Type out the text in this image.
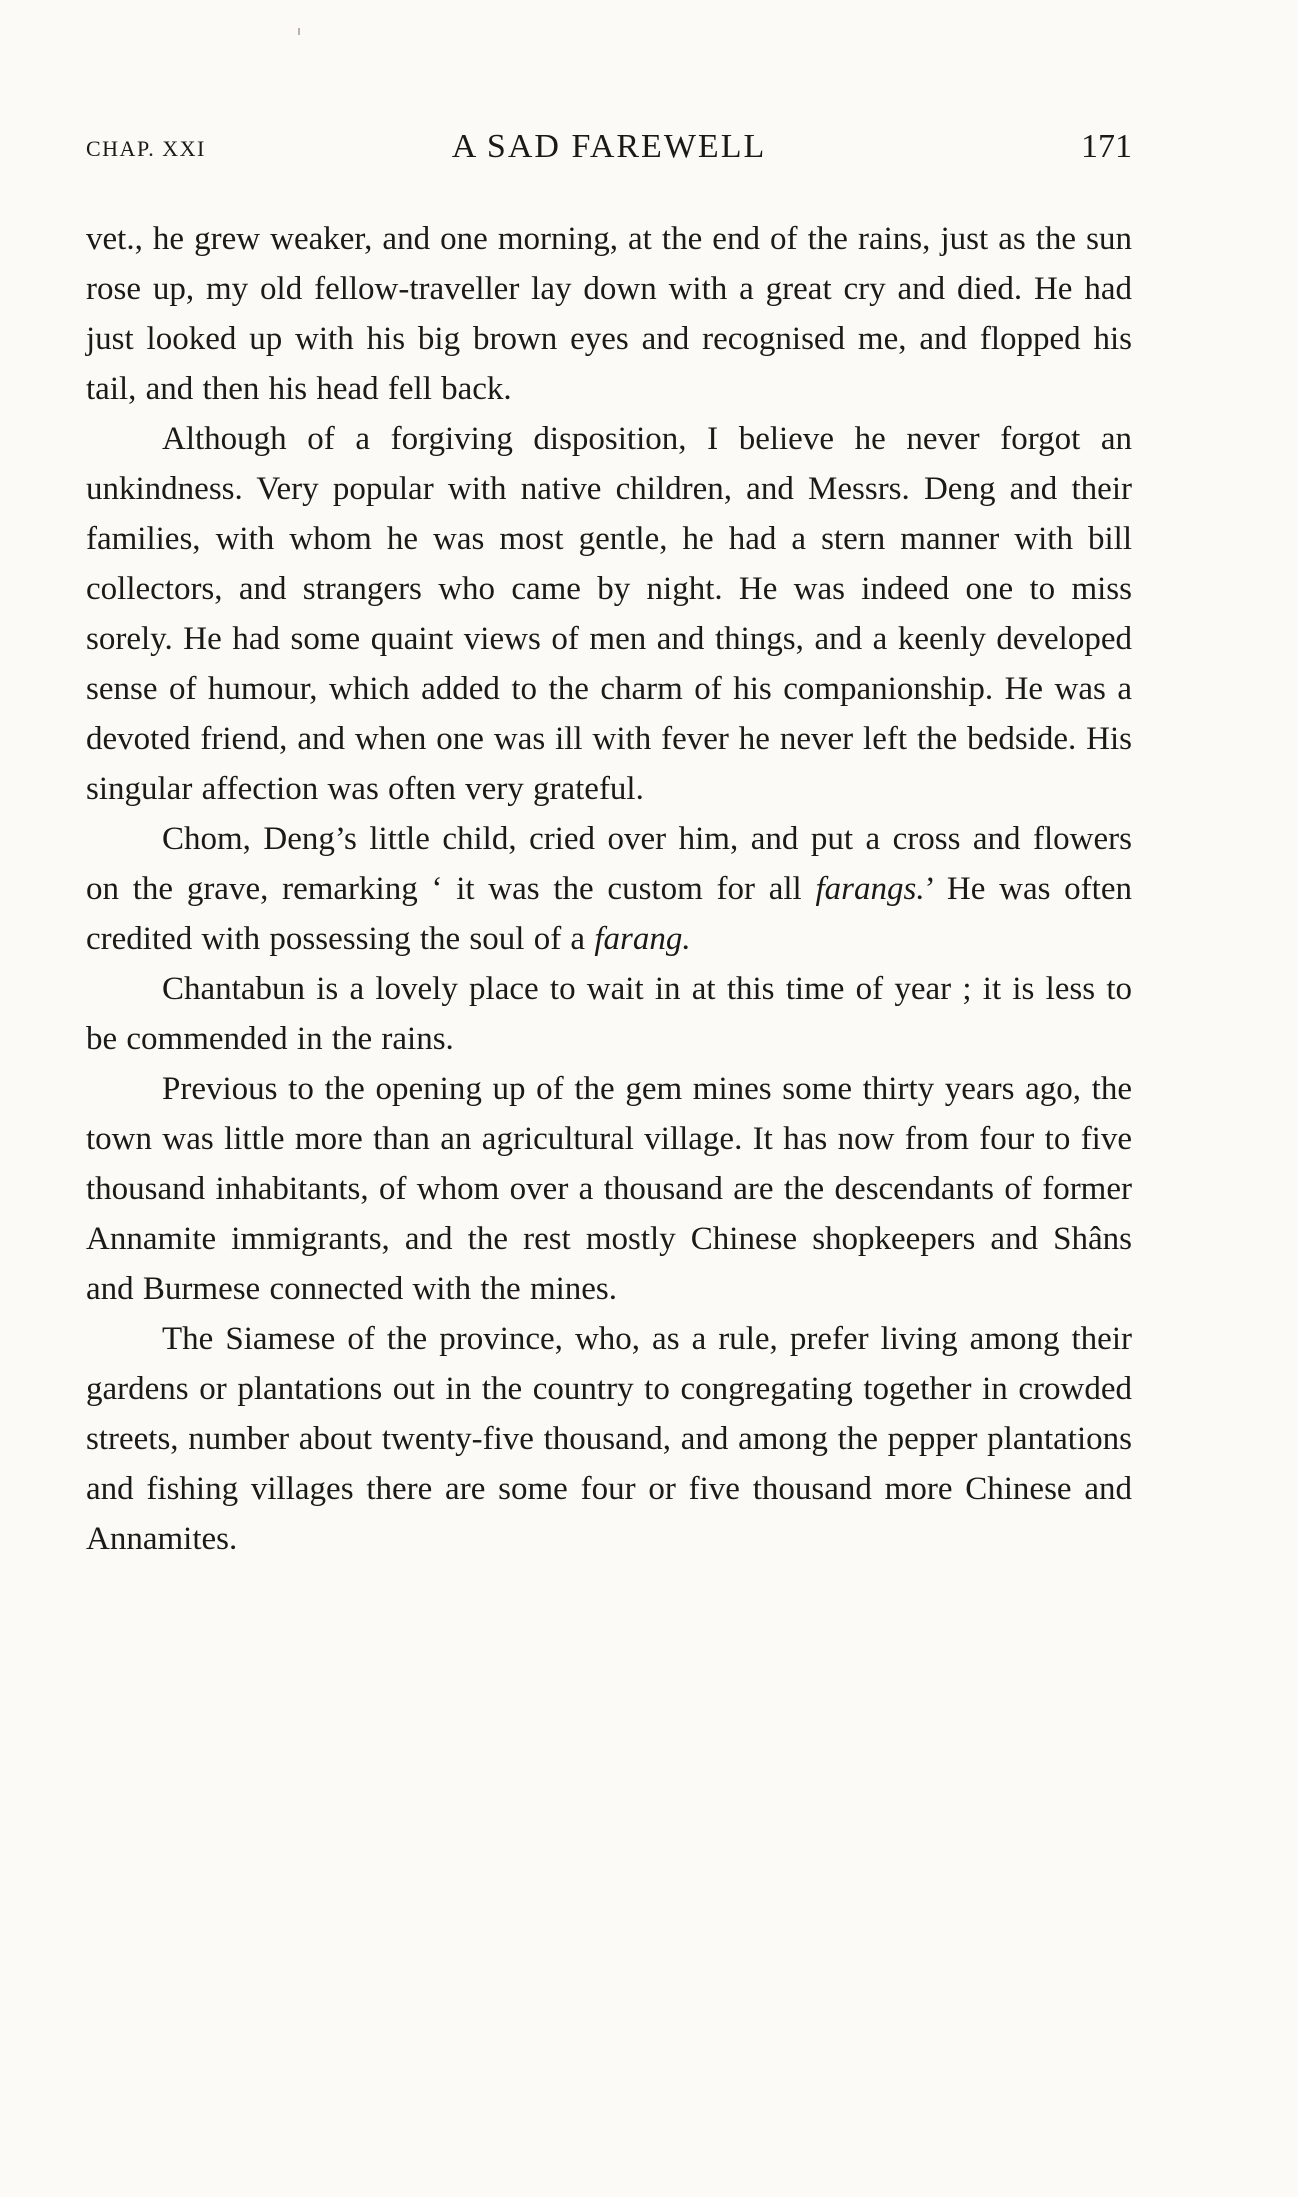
CHAP. XXI	A SAD FAREWELL	171

vet., he grew weaker, and one morning, at the end of the rains, just as the sun rose up, my old fellow-traveller lay down with a great cry and died. He had just looked up with his big brown eyes and recognised me, and flopped his tail, and then his head fell back.

Although of a forgiving disposition, I believe he never forgot an unkindness. Very popular with native children, and Messrs. Deng and their families, with whom he was most gentle, he had a stern manner with bill collectors, and strangers who came by night. He was indeed one to miss sorely. He had some quaint views of men and things, and a keenly developed sense of humour, which added to the charm of his companionship. He was a devoted friend, and when one was ill with fever he never left the bedside. His singular affection was often very grateful.

Chom, Deng’s little child, cried over him, and put a cross and flowers on the grave, remarking ‘ it was the custom for all farangs.’ He was often credited with possessing the soul of a farang.

Chantabun is a lovely place to wait in at this time of year ; it is less to be commended in the rains.

Previous to the opening up of the gem mines some thirty years ago, the town was little more than an agricultural village. It has now from four to five thousand inhabitants, of whom over a thousand are the descendants of former Annamite immigrants, and the rest mostly Chinese shopkeepers and Shâns and Burmese connected with the mines.

The Siamese of the province, who, as a rule, prefer living among their gardens or plantations out in the country to congregating together in crowded streets, number about twenty-five thousand, and among the pepper plantations and fishing villages there are some four or five thousand more Chinese and Annamites.
